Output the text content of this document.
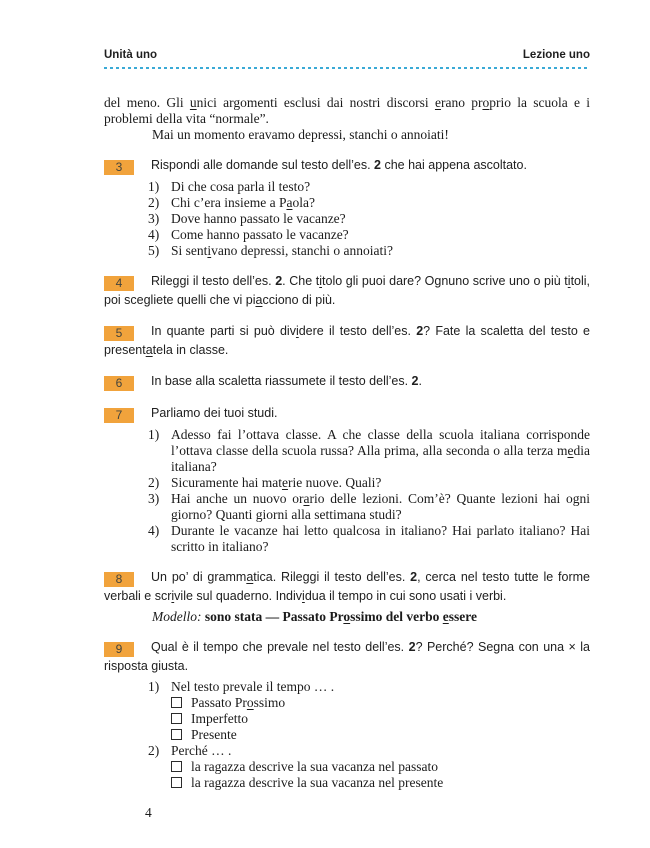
Unità uno	Lezione uno

del meno. Gli unici argomenti esclusi dai nostri discorsi erano proprio la scuola e i problemi della vita “normale”.

Mai un momento eravamo depressi, stanchi o annoiati!

3 Rispondi alle domande sul testo dell’es. 2 che hai appena ascoltato.

1) Di che cosa parla il testo?
2) Chi c’era insieme a Paola?
3) Dove hanno passato le vacanze?
4) Come hanno passato le vacanze?
5) Si sentivano depressi, stanchi o annoiati?

4 Rileggi il testo dell’es. 2. Che titolo gli puoi dare? Ognuno scrive uno o più titoli, poi scegliete quelli che vi piacciono di più.

5 In quante parti si può dividere il testo dell’es. 2? Fate la scaletta del testo e presentatela in classe.

6 In base alla scaletta riassumete il testo dell’es. 2.

7 Parliamo dei tuoi studi.

1) Adesso fai l’ottava classe. A che classe della scuola italiana corrisponde l’ottava classe della scuola russa? Alla prima, alla seconda o alla terza media italiana?
2) Sicuramente hai materie nuove. Quali?
3) Hai anche un nuovo orario delle lezioni. Com’è? Quante lezioni hai ogni giorno? Quanti giorni alla settimana studi?
4) Durante le vacanze hai letto qualcosa in italiano? Hai parlato italiano? Hai scritto in italiano?

8 Un po’ di grammatica. Rileggi il testo dell’es. 2, cerca nel testo tutte le forme verbali e scrivile sul quaderno. Individua il tempo in cui sono usati i verbi.

Modello: sono stata — Passato Prossimo del verbo essere

9 Qual è il tempo che prevale nel testo dell’es. 2? Perché? Segna con una × la risposta giusta.

1) Nel testo prevale il tempo … .
Passato Prossimo
Imperfetto
Presente
2) Perché … .
la ragazza descrive la sua vacanza nel passato
la ragazza descrive la sua vacanza nel presente
4
